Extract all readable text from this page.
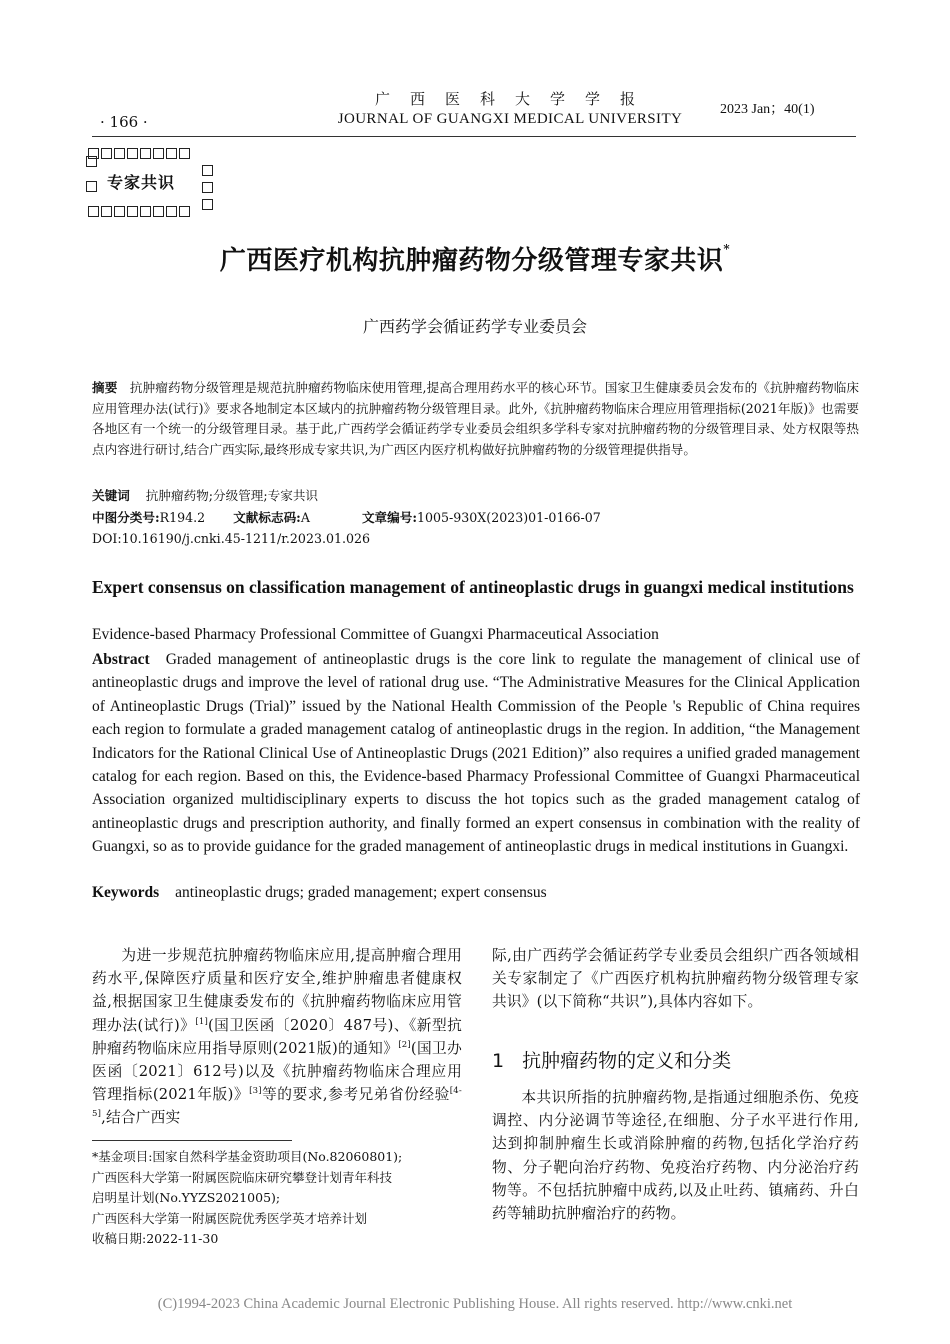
· 166 ·
广西医科大学学报
JOURNAL OF GUANGXI MEDICAL UNIVERSITY
2023 Jan；40(1)
专家共识
广西医疗机构抗肿瘤药物分级管理专家共识*
广西药学会循证药学专业委员会
摘要 抗肿瘤药物分级管理是规范抗肿瘤药物临床使用管理,提高合理用药水平的核心环节。国家卫生健康委员会发布的《抗肿瘤药物临床应用管理办法(试行)》要求各地制定本区域内的抗肿瘤药物分级管理目录。此外,《抗肿瘤药物临床合理应用管理指标(2021年版)》也需要各地区有一个统一的分级管理目录。基于此,广西药学会循证药学专业委员会组织多学科专家对抗肿瘤药物的分级管理目录、处方权限等热点内容进行研讨,结合广西实际,最终形成专家共识,为广西区内医疗机构做好抗肿瘤药物的分级管理提供指导。
关键词 抗肿瘤药物;分级管理;专家共识
中图分类号:R194.2 文献标志码:A	文章编号:1005-930X(2023)01-0166-07
DOI:10.16190/j.cnki.45-1211/r.2023.01.026
Expert consensus on classification management of antineoplastic drugs in guangxi medical institutions
Evidence-based Pharmacy Professional Committee of Guangxi Pharmaceutical Association
Abstract Graded management of antineoplastic drugs is the core link to regulate the management of clinical use of antineoplastic drugs and improve the level of rational drug use. “The Administrative Measures for the Clinical Application of Antineoplastic Drugs (Trial)” issued by the National Health Commission of the People 's Republic of China requires each region to formulate a graded management catalog of antineoplastic drugs in the region. In addition, “the Management Indicators for the Rational Clinical Use of Antineoplastic Drugs (2021 Edition)” also requires a unified graded management catalog for each region. Based on this, the Evidence-based Pharmacy Professional Committee of Guangxi Pharmaceutical Association organized multidisciplinary experts to discuss the hot topics such as the graded management catalog of antineoplastic drugs and prescription authority, and finally formed an expert consensus in combination with the reality of Guangxi, so as to provide guidance for the graded management of antineoplastic drugs in medical institutions in Guangxi.
Keywords antineoplastic drugs; graded management; expert consensus

为进一步规范抗肿瘤药物临床应用,提高肿瘤合理用药水平,保障医疗质量和医疗安全,维护肿瘤患者健康权益,根据国家卫生健康委发布的《抗肿瘤药物临床应用管理办法(试行)》[1](国卫医函〔2020〕487号)、《新型抗肿瘤药物临床应用指导原则(2021版)的通知》[2](国卫办医函〔2021〕612号)以及《抗肿瘤药物临床合理应用管理指标(2021年版)》[3]等的要求,参考兄弟省份经验[4-5],结合广西实

*基金项目:国家自然科学基金资助项目(No.82060801);
广西医科大学第一附属医院临床研究攀登计划青年科技
启明星计划(No.YYZS2021005);
广西医科大学第一附属医院优秀医学英才培养计划
收稿日期:2022-11-30

际,由广西药学会循证药学专业委员会组织广西各领域相关专家制定了《广西医疗机构抗肿瘤药物分级管理专家共识》(以下简称“共识”),具体内容如下。

1 抗肿瘤药物的定义和分类

本共识所指的抗肿瘤药物,是指通过细胞杀伤、免疫调控、内分泌调节等途径,在细胞、分子水平进行作用,达到抑制肿瘤生长或消除肿瘤的药物,包括化学治疗药物、分子靶向治疗药物、免疫治疗药物、内分泌治疗药物等。不包括抗肿瘤中成药,以及止吐药、镇痛药、升白药等辅助抗肿瘤治疗的药物。

(C)1994-2023 China Academic Journal Electronic Publishing House. All rights reserved. http://www.cnki.net
